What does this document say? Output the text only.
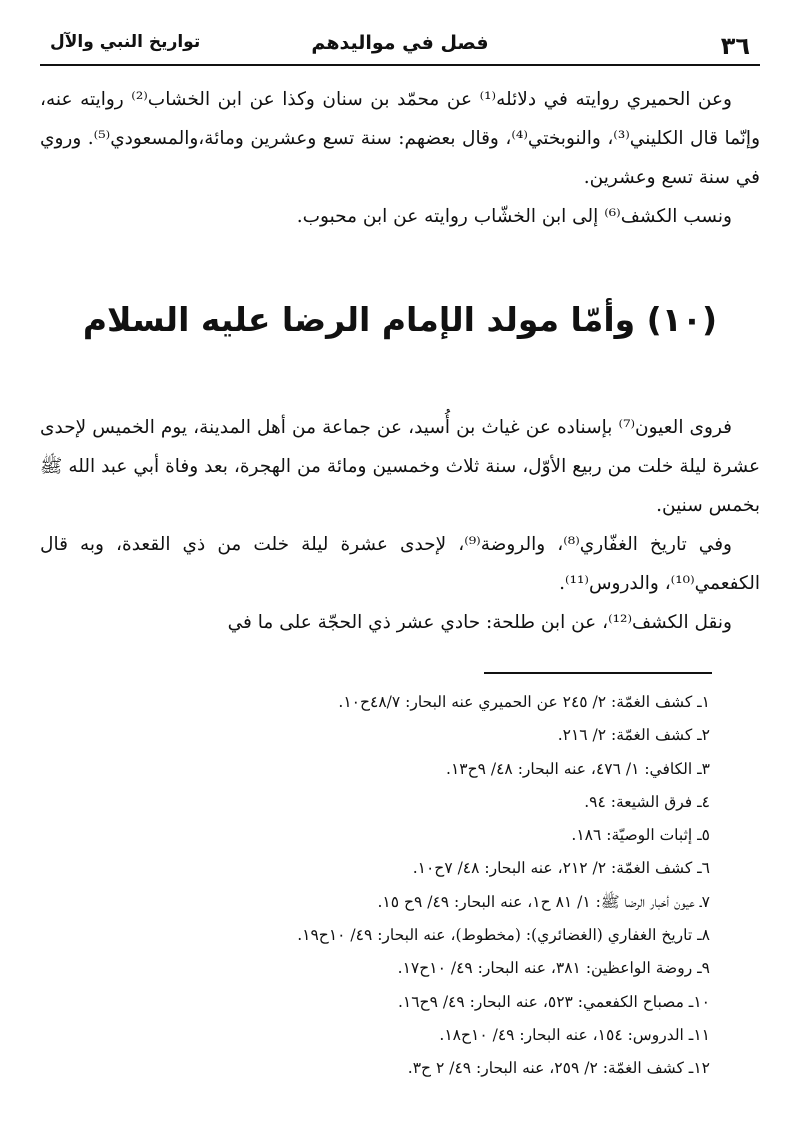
٣٦
فصل في مواليدهم
تواريخ النبي والآل

وعن الحميري روايته في دلائله⁽¹⁾ عن محمّد بن سنان وكذا عن ابن الخشاب⁽²⁾ روايته عنه، وإنّما قال الكليني⁽³⁾، والنوبختي⁽⁴⁾، وقال بعضهم: سنة تسع وعشرين ومائة،والمسعودي⁽⁵⁾. وروي في سنة تسع وعشرين.

ونسب الكشف⁽⁶⁾ إلى ابن الخشّاب روايته عن ابن محبوب.

(١٠) وأمّا مولد الإمام الرضا عليه السلام

فروى العيون⁽⁷⁾ بإسناده عن غياث بن أُسيد، عن جماعة من أهل المدينة، يوم الخميس لإحدى عشرة ليلة خلت من ربيع الأوّل، سنة ثلاث وخمسين ومائة من الهجرة، بعد وفاة أبي عبد الله ﷺ بخمس سنين.

وفي تاريخ الغفّاري⁽⁸⁾، والروضة⁽⁹⁾، لإحدى عشرة ليلة خلت من ذي القعدة، وبه قال الكفعمي⁽¹⁰⁾، والدروس⁽¹¹⁾.

ونقل الكشف⁽¹²⁾، عن ابن طلحة: حادي عشر ذي الحجّة على ما في

١ـ كشف الغمّة: ٢/ ٢٤٥ عن الحميري عنه البحار: ٤٨/٧ح١٠.
٢ـ كشف الغمّة: ٢/ ٢١٦.
٣ـ الكافي: ١/ ٤٧٦، عنه البحار: ٤٨/ ٩ح١٣.
٤ـ فرق الشيعة: ٩٤.
٥ـ إثبات الوصيّة: ١٨٦.
٦ـ كشف الغمّة: ٢/ ٢١٢، عنه البحار: ٤٨/ ٧ح١٠.
٧ـ عيون أخبار الرضا ﷺ: ١/ ٨١ ح١، عنه البحار: ٤٩/ ٩ح ١٥.
٨ـ تاريخ الغفاري (الغضائري): (مخطوط)، عنه البحار: ٤٩/ ١٠ح١٩.
٩ـ روضة الواعظين: ٣٨١، عنه البحار: ٤٩/ ١٠ح١٧.
١٠ـ مصباح الكفعمي: ٥٢٣، عنه البحار: ٤٩/ ٩ح١٦.
١١ـ الدروس: ١٥٤، عنه البحار: ٤٩/ ١٠ح١٨.
١٢ـ كشف الغمّة: ٢/ ٢٥٩، عنه البحار: ٤٩/ ٢ ح٣.
